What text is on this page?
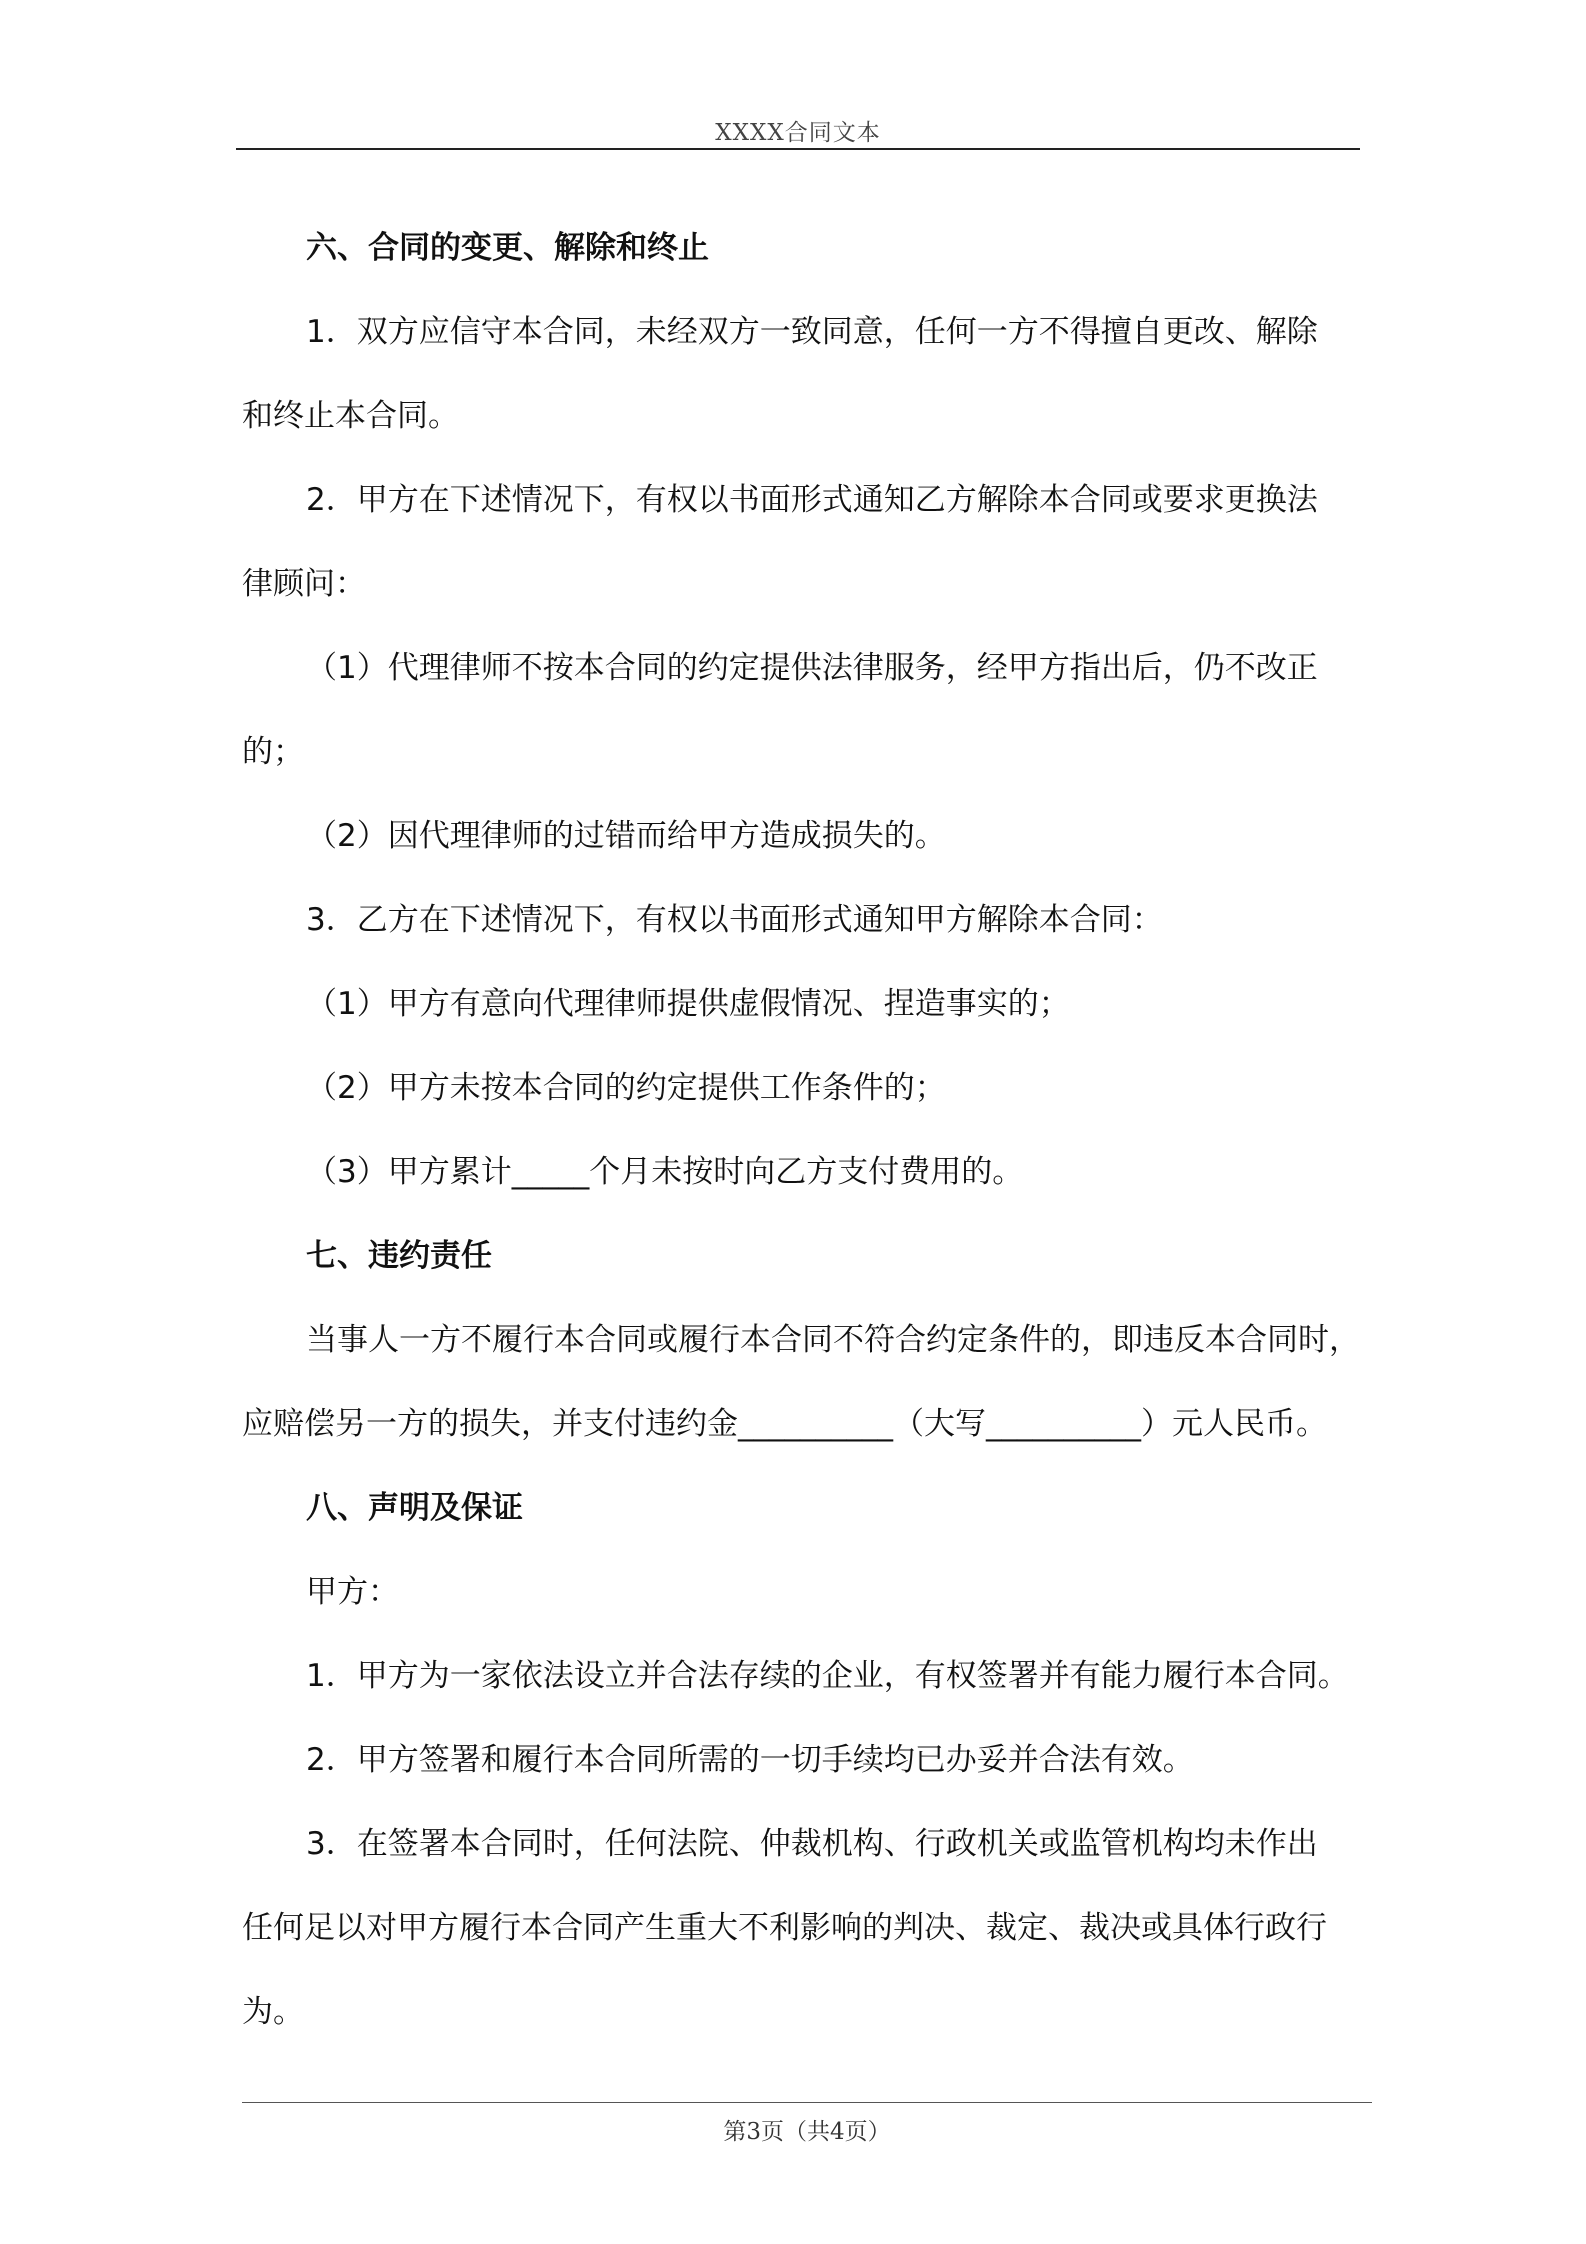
XXXX合同文本
六、合同的变更、解除和终止
1．双方应信守本合同，未经双方一致同意，任何一方不得擅自更改、解除
和终止本合同。
2．甲方在下述情况下，有权以书面形式通知乙方解除本合同或要求更换法
律顾问：
（1）代理律师不按本合同的约定提供法律服务，经甲方指出后，仍不改正
的；
（2）因代理律师的过错而给甲方造成损失的。
3．乙方在下述情况下，有权以书面形式通知甲方解除本合同：
（1）甲方有意向代理律师提供虚假情况、捏造事实的；
（2）甲方未按本合同的约定提供工作条件的；
（3）甲方累计_____个月未按时向乙方支付费用的。
七、违约责任
当事人一方不履行本合同或履行本合同不符合约定条件的，即违反本合同时，
应赔偿另一方的损失，并支付违约金__________（大写__________）元人民币。
八、声明及保证
甲方：
1．甲方为一家依法设立并合法存续的企业，有权签署并有能力履行本合同。
2．甲方签署和履行本合同所需的一切手续均已办妥并合法有效。
3．在签署本合同时，任何法院、仲裁机构、行政机关或监管机构均未作出
任何足以对甲方履行本合同产生重大不利影响的判决、裁定、裁决或具体行政行
为。
第3页（共4页）
